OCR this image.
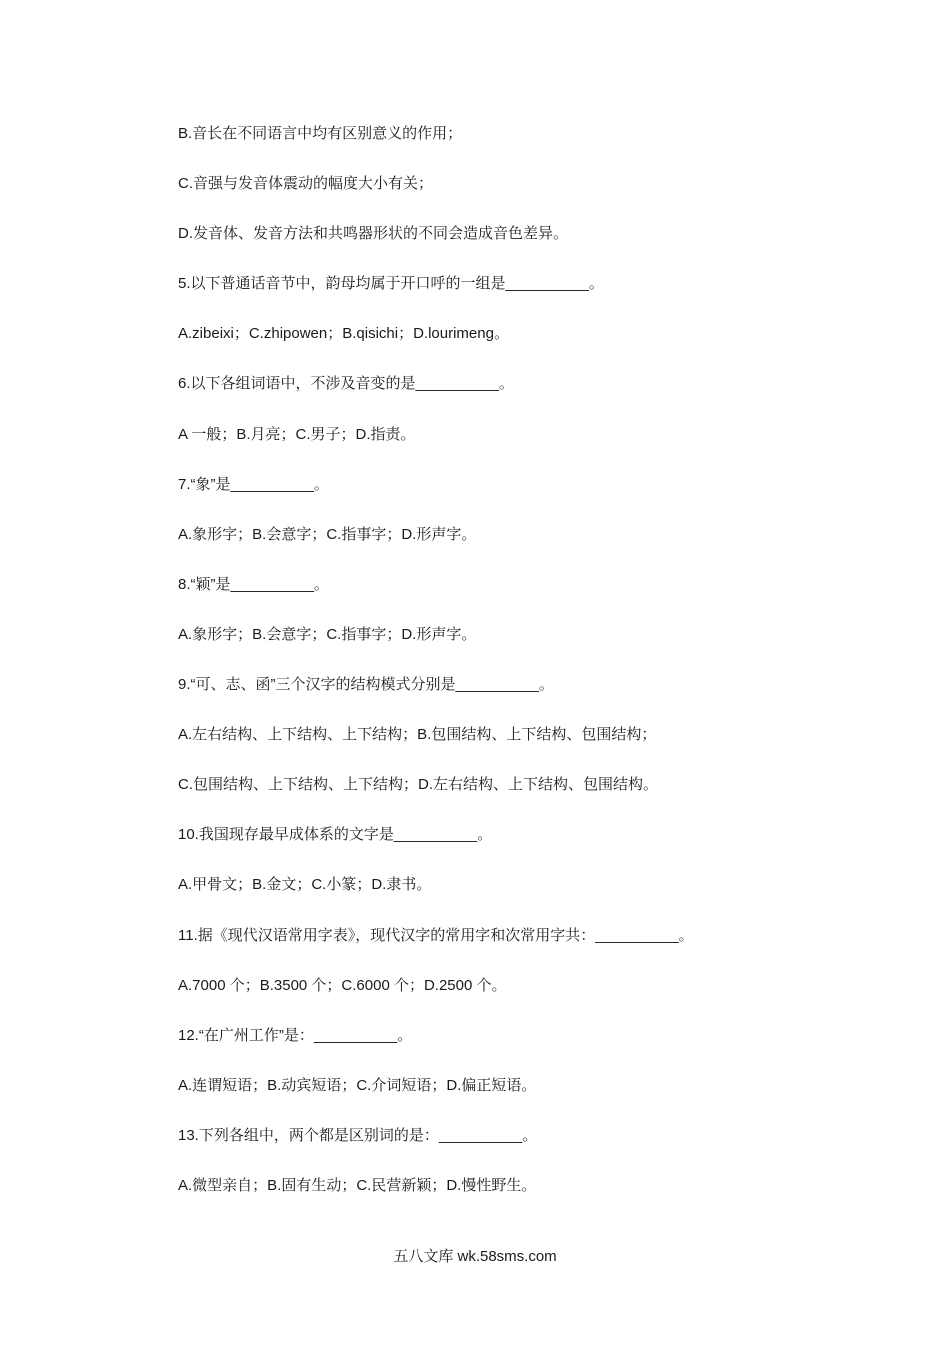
B.音长在不同语言中均有区别意义的作用；
C.音强与发音体震动的幅度大小有关；
D.发音体、发音方法和共鸣器形状的不同会造成音色差异。
5.以下普通话音节中，韵母均属于开口呼的一组是__________。
A.zibeixi；C.zhipowen；B.qisichi；D.lourimeng。
6.以下各组词语中，不涉及音变的是__________。
A 一般；B.月亮；C.男子；D.指责。
7.“象”是__________。
A.象形字；B.会意字；C.指事字；D.形声字。
8.“颖”是__________。
A.象形字；B.会意字；C.指事字；D.形声字。
9.“可、志、函”三个汉字的结构模式分别是__________。
A.左右结构、上下结构、上下结构；B.包围结构、上下结构、包围结构；
C.包围结构、上下结构、上下结构；D.左右结构、上下结构、包围结构。
10.我国现存最早成体系的文字是__________。
A.甲骨文；B.金文；C.小篆；D.隶书。
11.据《现代汉语常用字表》，现代汉字的常用字和次常用字共：__________。
A.7000 个；B.3500 个；C.6000 个；D.2500 个。
12.“在广州工作”是：__________。
A.连谓短语；B.动宾短语；C.介词短语；D.偏正短语。
13.下列各组中，两个都是区别词的是：__________。
A.微型亲自；B.固有生动；C.民营新颖；D.慢性野生。
五八文库 wk.58sms.com
